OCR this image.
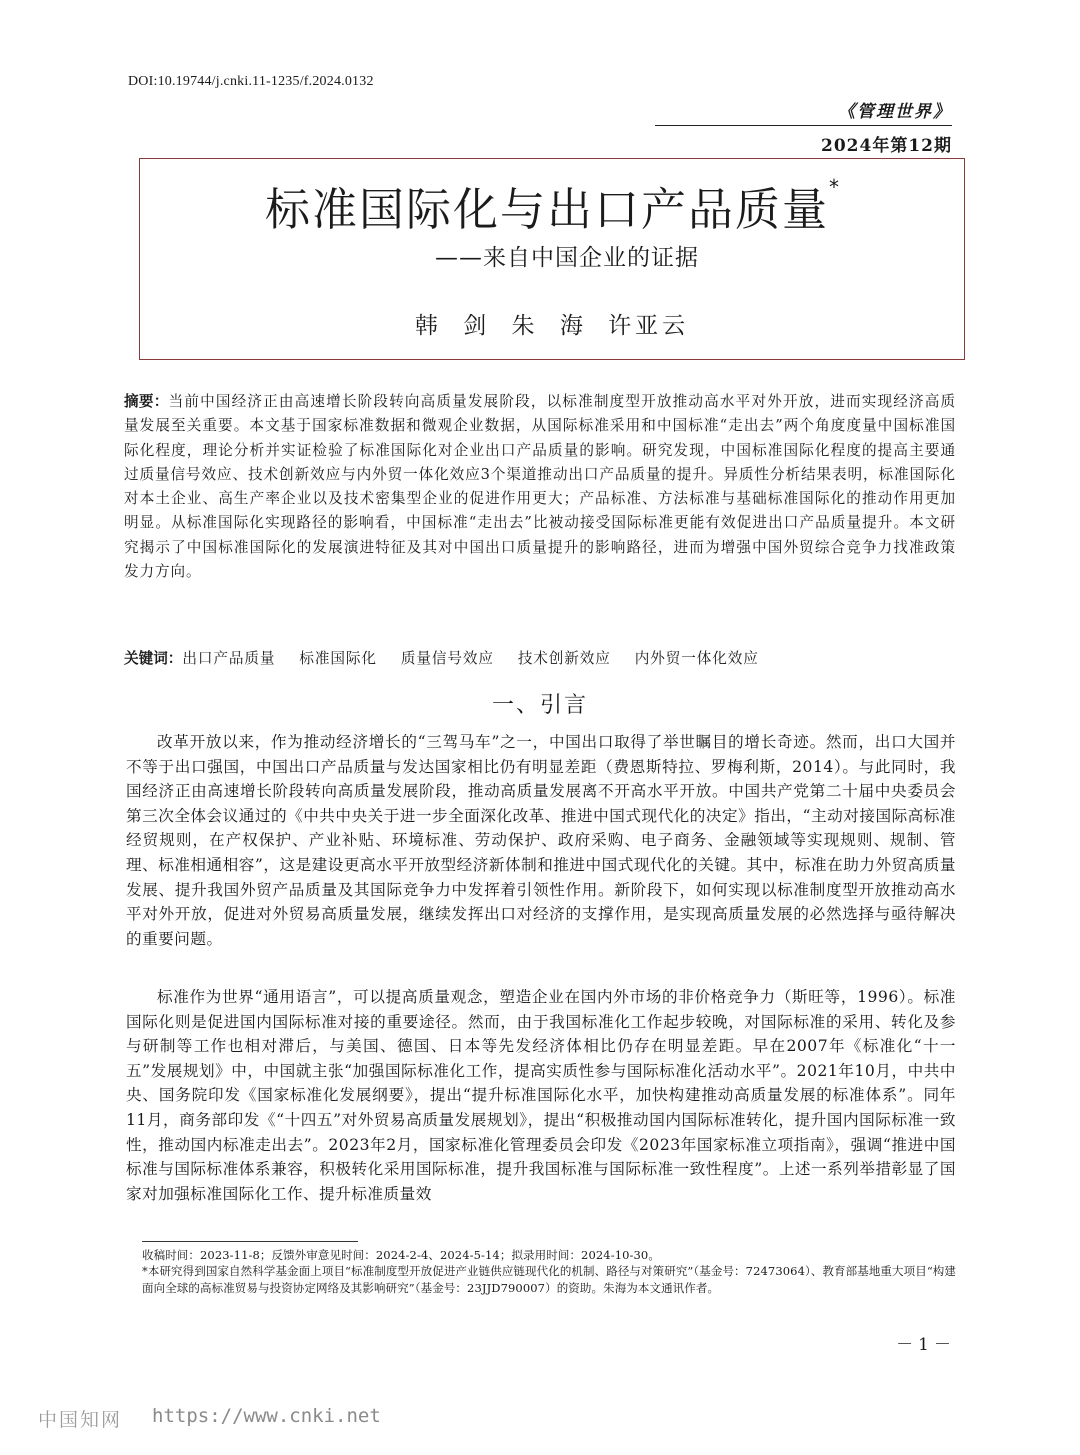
DOI:10.19744/j.cnki.11-1235/f.2024.0132
《管理世界》
2024年第12期
标准国际化与出口产品质量*
——来自中国企业的证据
韩 剑 朱 海 许亚云
摘要：当前中国经济正由高速增长阶段转向高质量发展阶段，以标准制度型开放推动高水平对外开放，进而实现经济高质量发展至关重要。本文基于国家标准数据和微观企业数据，从国际标准采用和中国标准“走出去”两个角度度量中国标准国际化程度，理论分析并实证检验了标准国际化对企业出口产品质量的影响。研究发现，中国标准国际化程度的提高主要通过质量信号效应、技术创新效应与内外贸一体化效应3个渠道推动出口产品质量的提升。异质性分析结果表明，标准国际化对本土企业、高生产率企业以及技术密集型企业的促进作用更大；产品标准、方法标准与基础标准国际化的推动作用更加明显。从标准国际化实现路径的影响看，中国标准“走出去”比被动接受国际标准更能有效促进出口产品质量提升。本文研究揭示了中国标准国际化的发展演进特征及其对中国出口质量提升的影响路径，进而为增强中国外贸综合竞争力找准政策发力方向。
关键词：出口产品质量 标准国际化 质量信号效应 技术创新效应 内外贸一体化效应
一、引言

改革开放以来，作为推动经济增长的“三驾马车”之一，中国出口取得了举世瞩目的增长奇迹。然而，出口大国并不等于出口强国，中国出口产品质量与发达国家相比仍有明显差距（费恩斯特拉、罗梅利斯，2014）。与此同时，我国经济正由高速增长阶段转向高质量发展阶段，推动高质量发展离不开高水平开放。中国共产党第二十届中央委员会第三次全体会议通过的《中共中央关于进一步全面深化改革、推进中国式现代化的决定》指出，“主动对接国际高标准经贸规则，在产权保护、产业补贴、环境标准、劳动保护、政府采购、电子商务、金融领域等实现规则、规制、管理、标准相通相容”，这是建设更高水平开放型经济新体制和推进中国式现代化的关键。其中，标准在助力外贸高质量发展、提升我国外贸产品质量及其国际竞争力中发挥着引领性作用。新阶段下，如何实现以标准制度型开放推动高水平对外开放，促进对外贸易高质量发展，继续发挥出口对经济的支撑作用，是实现高质量发展的必然选择与亟待解决的重要问题。

标准作为世界“通用语言”，可以提高质量观念，塑造企业在国内外市场的非价格竞争力（斯旺等，1996）。标准国际化则是促进国内国际标准对接的重要途径。然而，由于我国标准化工作起步较晚，对国际标准的采用、转化及参与研制等工作也相对滞后，与美国、德国、日本等先发经济体相比仍存在明显差距。早在2007年《标准化“十一五”发展规划》中，中国就主张“加强国际标准化工作，提高实质性参与国际标准化活动水平”。2021年10月，中共中央、国务院印发《国家标准化发展纲要》，提出“提升标准国际化水平，加快构建推动高质量发展的标准体系”。同年11月，商务部印发《“十四五”对外贸易高质量发展规划》，提出“积极推动国内国际标准转化，提升国内国际标准一致性，推动国内标准走出去”。2023年2月，国家标准化管理委员会印发《2023年国家标准立项指南》，强调“推进中国标准与国际标准体系兼容，积极转化采用国际标准，提升我国标准与国际标准一致性程度”。上述一系列举措彰显了国家对加强标准国际化工作、提升标准质量效

收稿时间：2023-11-8；反馈外审意见时间：2024-2-4、2024-5-14；拟录用时间：2024-10-30。
*本研究得到国家自然科学基金面上项目“标准制度型开放促进产业链供应链现代化的机制、路径与对策研究”（基金号：72473064）、教育部基地重大项目“构建面向全球的高标准贸易与投资协定网络及其影响研究”（基金号：23JJD790007）的资助。朱海为本文通讯作者。
－1－
中国知网 https://www.cnki.net
